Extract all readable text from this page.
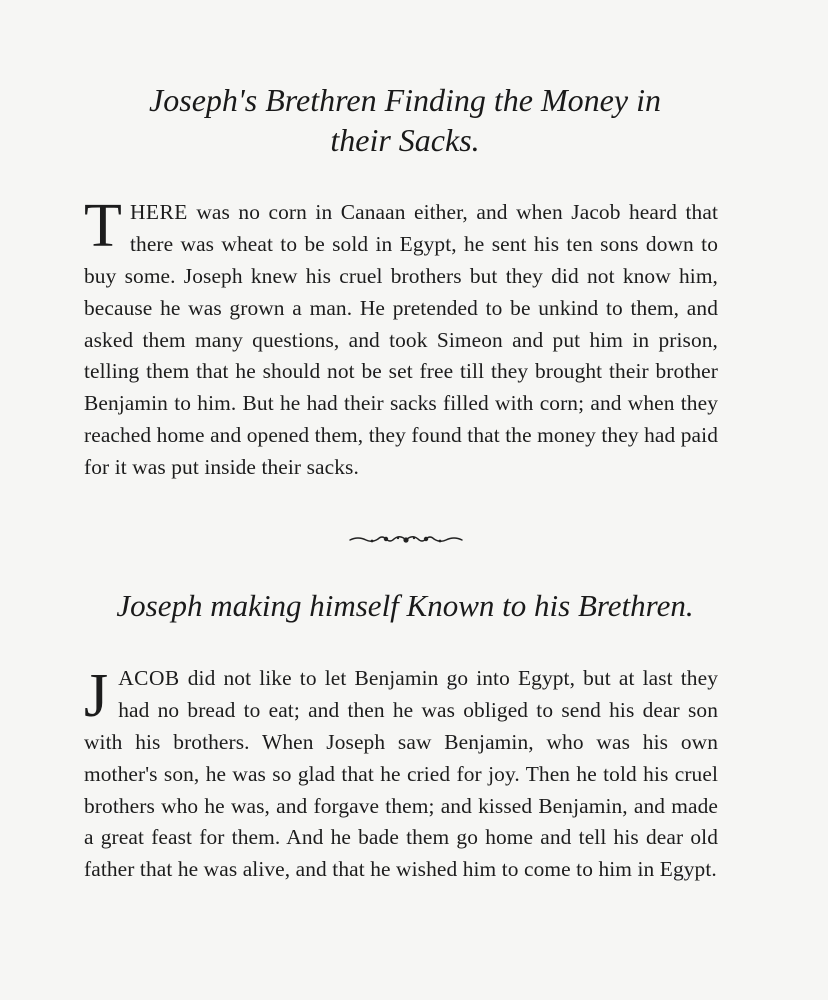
Joseph's Brethren Finding the Money in
their Sacks.

THERE was no corn in Canaan either, and when Jacob heard that there was wheat to be sold in Egypt, he sent his ten sons down to buy some. Joseph knew his cruel brothers but they did not know him, because he was grown a man. He pretended to be unkind to them, and asked them many questions, and took Simeon and put him in prison, telling them that he should not be set free till they brought their brother Benjamin to him. But he had their sacks filled with corn; and when they reached home and opened them, they found that the money they had paid for it was put inside their sacks.

Joseph making himself Known to his Brethren.

JACOB did not like to let Benjamin go into Egypt, but at last they had no bread to eat; and then he was obliged to send his dear son with his brothers. When Joseph saw Benjamin, who was his own mother's son, he was so glad that he cried for joy. Then he told his cruel brothers who he was, and forgave them; and kissed Benjamin, and made a great feast for them. And he bade them go home and tell his dear old father that he was alive, and that he wished him to come to him in Egypt.
